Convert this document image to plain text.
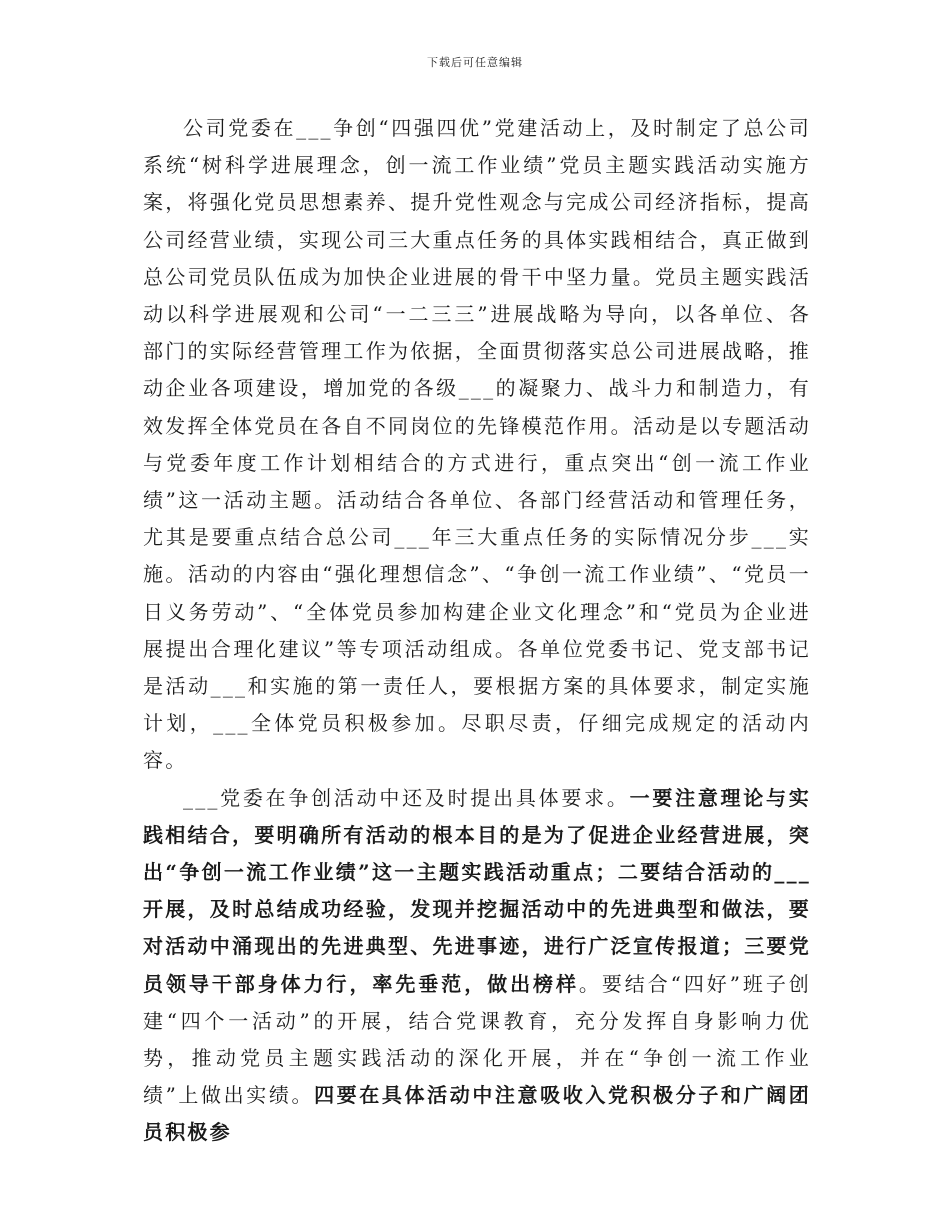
下载后可任意编辑

公司党委在___争创“四强四优”党建活动上，及时制定了总公司系统“树科学进展理念，创一流工作业绩”党员主题实践活动实施方案，将强化党员思想素养、提升党性观念与完成公司经济指标，提高公司经营业绩，实现公司三大重点任务的具体实践相结合，真正做到总公司党员队伍成为加快企业进展的骨干中坚力量。党员主题实践活动以科学进展观和公司“一二三三”进展战略为导向，以各单位、各部门的实际经营管理工作为依据，全面贯彻落实总公司进展战略，推动企业各项建设，增加党的各级___的凝聚力、战斗力和制造力，有效发挥全体党员在各自不同岗位的先锋模范作用。活动是以专题活动与党委年度工作计划相结合的方式进行，重点突出“创一流工作业绩”这一活动主题。活动结合各单位、各部门经营活动和管理任务，尤其是要重点结合总公司___年三大重点任务的实际情况分步___实施。活动的内容由“强化理想信念”、“争创一流工作业绩”、“党员一日义务劳动”、“全体党员参加构建企业文化理念”和“党员为企业进展提出合理化建议”等专项活动组成。各单位党委书记、党支部书记是活动___和实施的第一责任人，要根据方案的具体要求，制定实施计划，___全体党员积极参加。尽职尽责，仔细完成规定的活动内容。

___党委在争创活动中还及时提出具体要求。一要注意理论与实践相结合，要明确所有活动的根本目的是为了促进企业经营进展，突出“争创一流工作业绩”这一主题实践活动重点；二要结合活动的___开展，及时总结成功经验，发现并挖掘活动中的先进典型和做法，要对活动中涌现出的先进典型、先进事迹，进行广泛宣传报道；三要党员领导干部身体力行，率先垂范，做出榜样。要结合“四好”班子创建“四个一活动”的开展，结合党课教育，充分发挥自身影响力优势，推动党员主题实践活动的深化开展，并在“争创一流工作业绩”上做出实绩。四要在具体活动中注意吸收入党积极分子和广阔团员积极参
